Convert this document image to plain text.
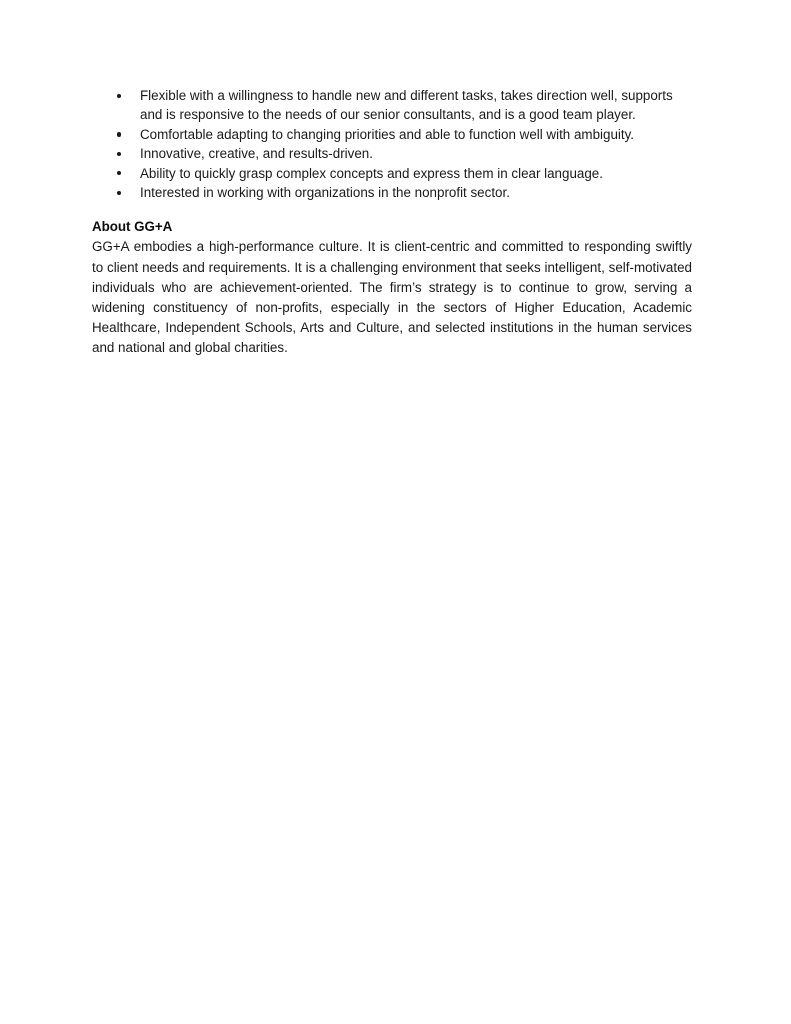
Flexible with a willingness to handle new and different tasks, takes direction well, supports and is responsive to the needs of our senior consultants, and is a good team player.
Comfortable adapting to changing priorities and able to function well with ambiguity.
Innovative, creative, and results-driven.
Ability to quickly grasp complex concepts and express them in clear language.
Interested in working with organizations in the nonprofit sector.
About GG+A

GG+A embodies a high-performance culture. It is client-centric and committed to responding swiftly to client needs and requirements. It is a challenging environment that seeks intelligent, self-motivated individuals who are achievement-oriented. The firm’s strategy is to continue to grow, serving a widening constituency of non-profits, especially in the sectors of Higher Education, Academic Healthcare, Independent Schools, Arts and Culture, and selected institutions in the human services and national and global charities.
